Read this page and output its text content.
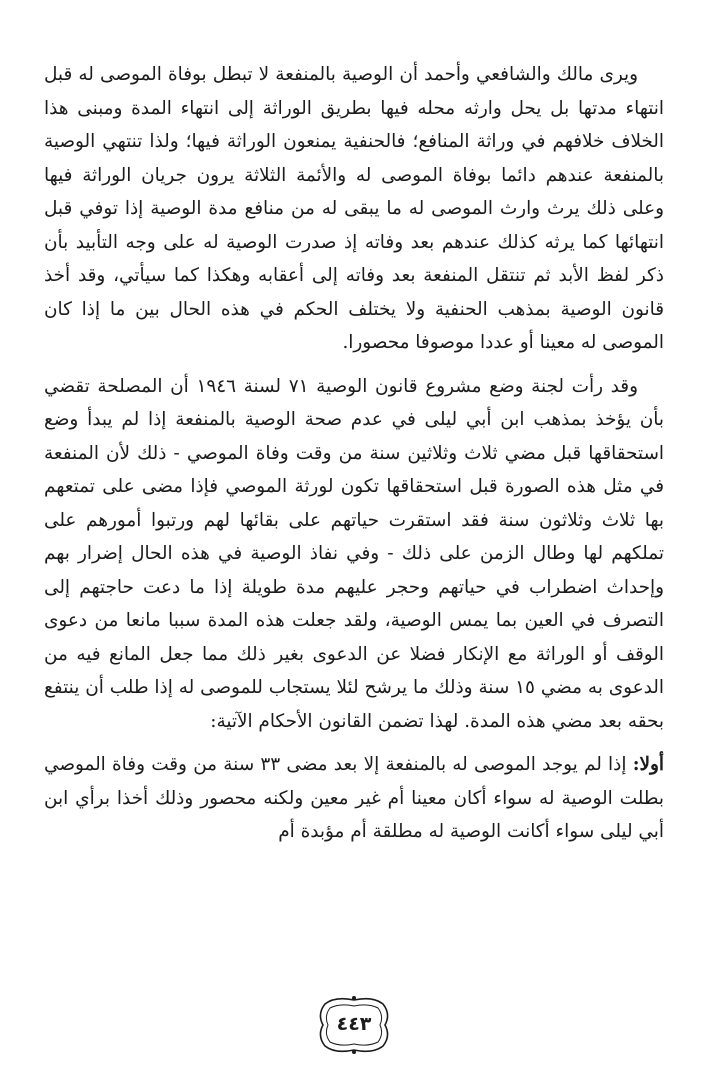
ويرى مالك والشافعي وأحمد أن الوصية بالمنفعة لا تبطل بوفاة الموصى له قبل انتهاء مدتها بل يحل وارثه محله فيها بطريق الوراثة إلى انتهاء المدة ومبنى هذا الخلاف خلافهم في وراثة المنافع؛ فالحنفية يمنعون الوراثة فيها؛ ولذا تنتهي الوصية بالمنفعة عندهم دائما بوفاة الموصى له والأئمة الثلاثة يرون جريان الوراثة فيها وعلى ذلك يرث وارث الموصى له ما يبقى له من منافع مدة الوصية إذا توفي قبل انتهائها كما يرثه كذلك عندهم بعد وفاته إذ صدرت الوصية له على وجه التأبيد بأن ذكر لفظ الأبد ثم تنتقل المنفعة بعد وفاته إلى أعقابه وهكذا كما سيأتي، وقد أخذ قانون الوصية بمذهب الحنفية ولا يختلف الحكم في هذه الحال بين ما إذا كان الموصى له معينا أو عددا موصوفا محصورا.

وقد رأت لجنة وضع مشروع قانون الوصية ٧١ لسنة ١٩٤٦ أن المصلحة تقضي بأن يؤخذ بمذهب ابن أبي ليلى في عدم صحة الوصية بالمنفعة إذا لم يبدأ وضع استحقاقها قبل مضي ثلاث وثلاثين سنة من وقت وفاة الموصي - ذلك لأن المنفعة في مثل هذه الصورة قبل استحقاقها تكون لورثة الموصي فإذا مضى على تمتعهم بها ثلاث وثلاثون سنة فقد استقرت حياتهم على بقائها لهم ورتبوا أمورهم على تملكهم لها وطال الزمن على ذلك - وفي نفاذ الوصية في هذه الحال إضرار بهم وإحداث اضطراب في حياتهم وحجر عليهم مدة طويلة إذا ما دعت حاجتهم إلى التصرف في العين بما يمس الوصية، ولقد جعلت هذه المدة سببا مانعا من دعوى الوقف أو الوراثة مع الإنكار فضلا عن الدعوى بغير ذلك مما جعل المانع فيه من الدعوى به مضي ١٥ سنة وذلك ما يرشح لئلا يستجاب للموصى له إذا طلب أن ينتفع بحقه بعد مضي هذه المدة. لهذا تضمن القانون الأحكام الآتية:

أولا: إذا لم يوجد الموصى له بالمنفعة إلا بعد مضى ٣٣ سنة من وقت وفاة الموصي بطلت الوصية له سواء أكان معينا أم غير معين ولكنه محصور وذلك أخذا برأي ابن أبي ليلى سواء أكانت الوصية له مطلقة أم مؤبدة أم

٤٤٣
